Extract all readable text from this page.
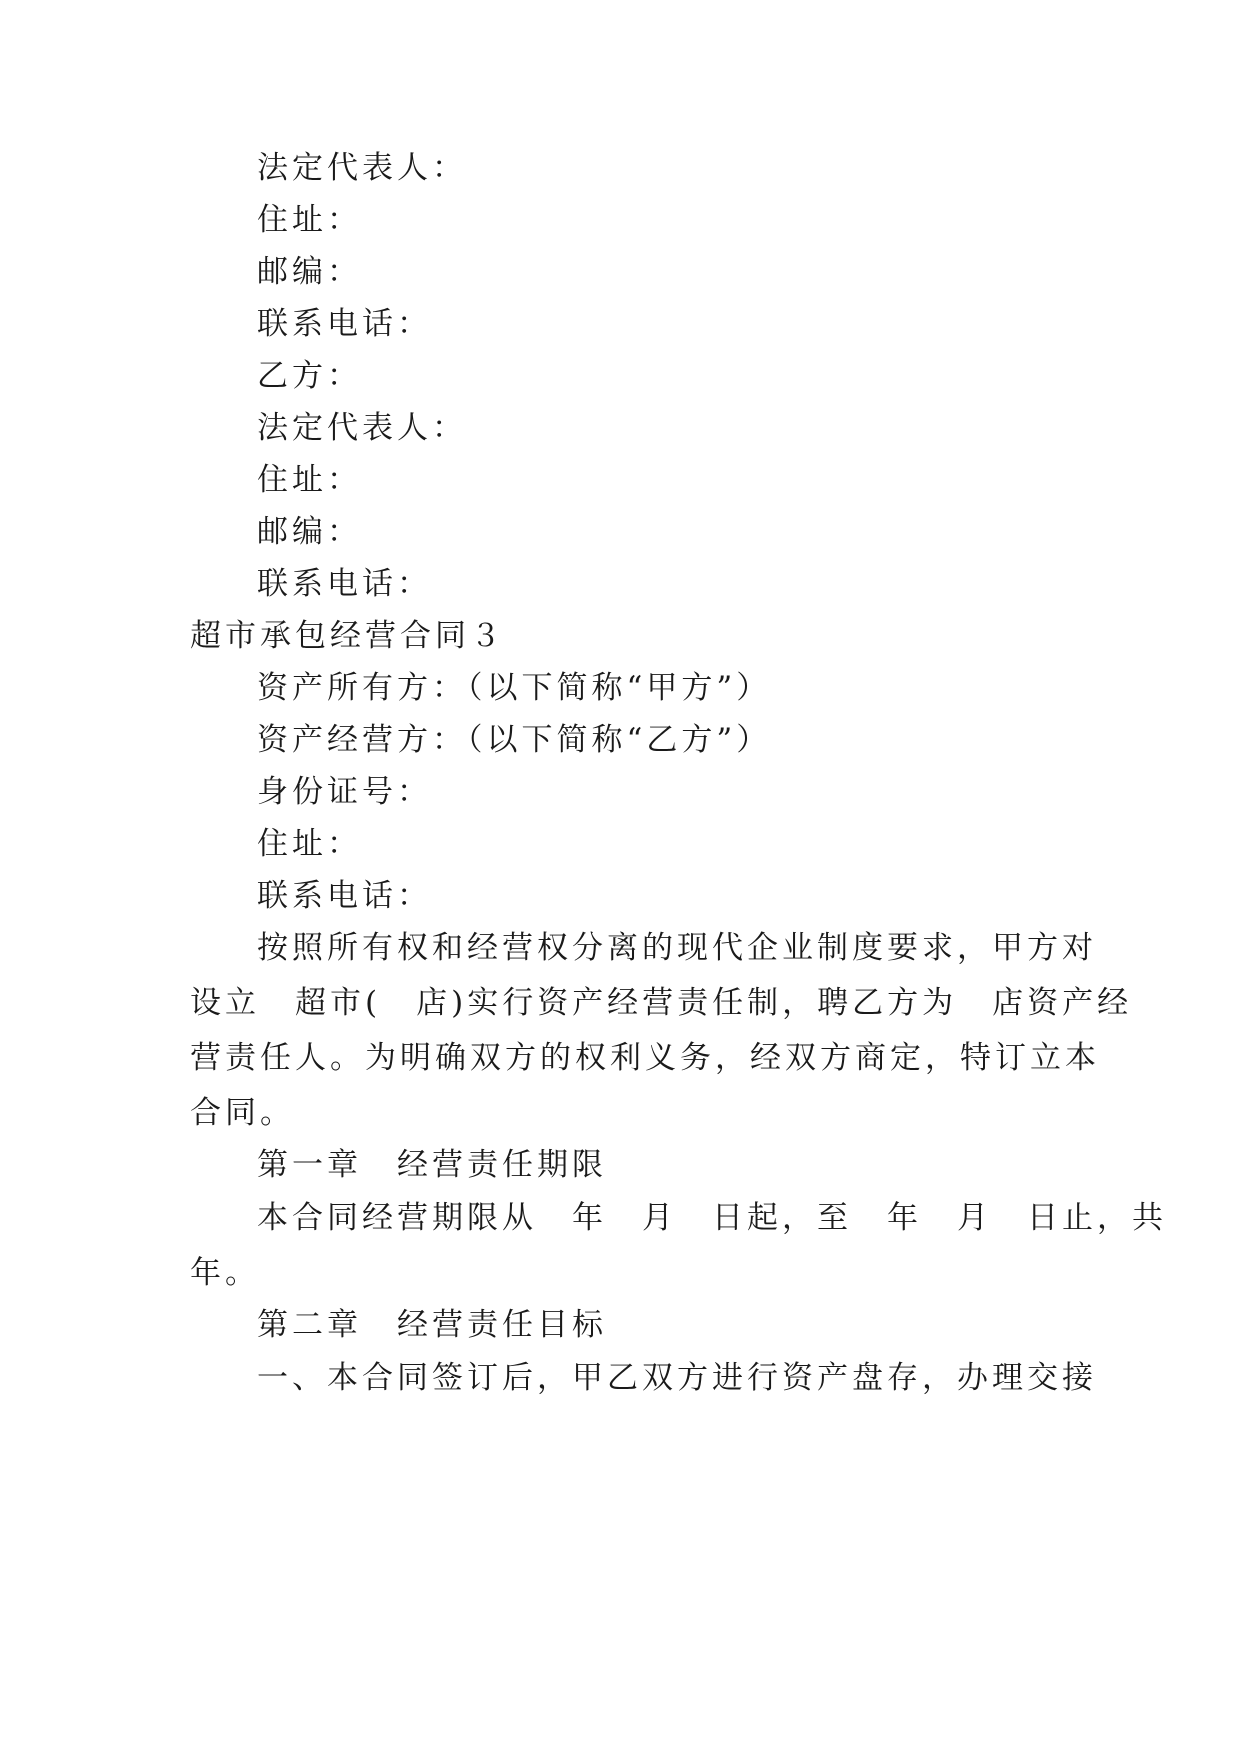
法定代表人：
住址：
邮编：
联系电话：
乙方：
法定代表人：
住址：
邮编：
联系电话：
超市承包经营合同３
资产所有方：（以下简称“甲方”）
资产经营方：（以下简称“乙方”）
身份证号：
住址：
联系电话：
按照所有权和经营权分离的现代企业制度要求，甲方对
设立　超市(　店)实行资产经营责任制，聘乙方为　店资产经
营责任人。为明确双方的权利义务，经双方商定，特订立本
合同。
第一章　经营责任期限
本合同经营期限从　年　月　日起，至　年　月　日止，共
年。
第二章　经营责任目标
一、本合同签订后，甲乙双方进行资产盘存，办理交接
